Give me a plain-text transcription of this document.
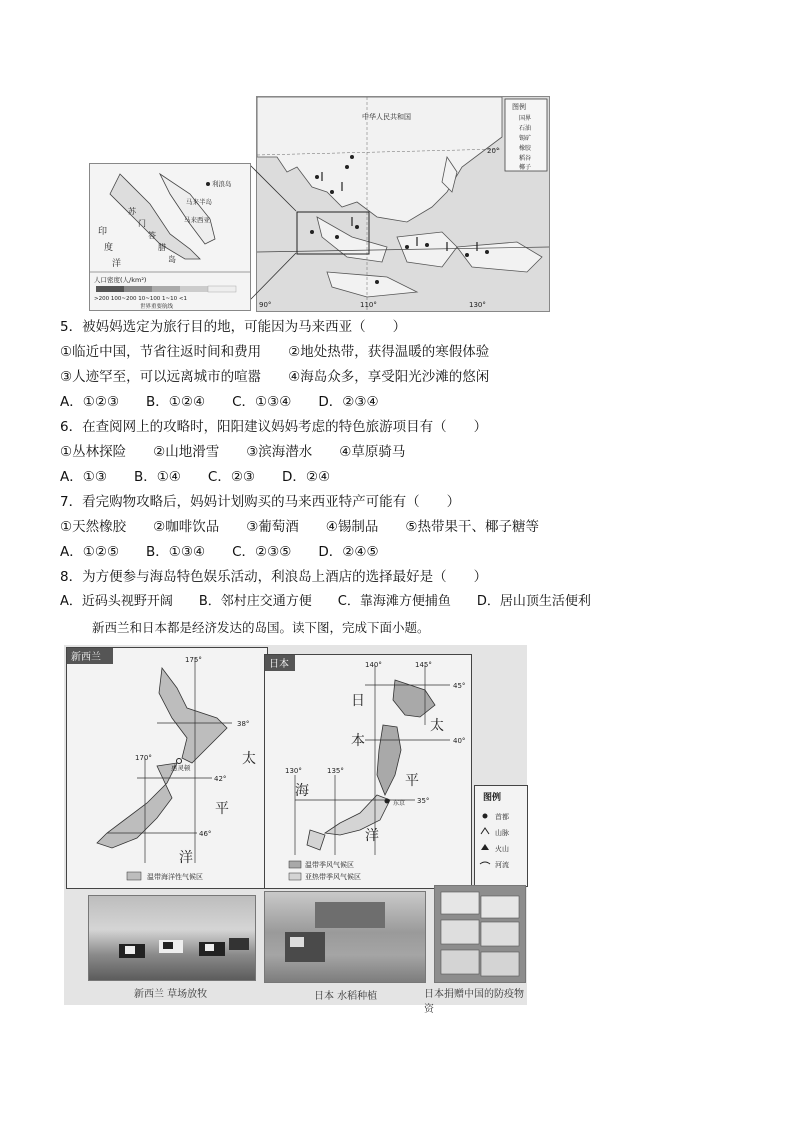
图例
国界
石油
锡矿
橡胶
稻谷
椰子
中华人民共和国
20°
90°	110°	130°
利浪岛
马来半岛
马来西亚
印
度
洋
苏
门
答
腊
岛
人口密度(人/km²)
>200 100~200 10~100 1~10 <1
世界重要航线
5．被妈妈选定为旅行目的地，可能因为马来西亚（　　）
①临近中国，节省往返时间和费用　　②地处热带，获得温暖的寒假体验
③人迹罕至，可以远离城市的喧嚣　　④海岛众多，享受阳光沙滩的悠闲
A．①②③　　B．①②④　　C．①③④　　D．②③④
6．在查阅网上的攻略时，阳阳建议妈妈考虑的特色旅游项目有（　　）
①丛林探险　　②山地滑雪　　③滨海潜水　　④草原骑马
A．①③　　B．①④　　C．②③　　D．②④
7．看完购物攻略后，妈妈计划购买的马来西亚特产可能有（　　）
①天然橡胶　　②咖啡饮品　　③葡萄酒　　④锡制品　　⑤热带果干、椰子糖等
A．①②⑤　　B．①③④　　C．②③⑤　　D．②④⑤
8．为方便参与海岛特色娱乐活动，利浪岛上酒店的选择最好是（　　）
A．近码头视野开阔　　B．邻村庄交通方便　　C．靠海滩方便捕鱼　　D．居山顶生活便利
新西兰和日本都是经济发达的岛国。读下图，完成下面小题。
新西兰	175°
170°
38°
42°
46°
惠灵顿
太
平
洋
温带海洋性气候区
日本	140°	145°
130°	135°
45°
40°
35°
东京
日
本
海
太
平
洋
温带季风气候区
亚热带季风气候区
图例
首都
山脉
火山
河流
新西兰 草场放牧	日本 水稻种植	日本捐赠中国的防疫物资
